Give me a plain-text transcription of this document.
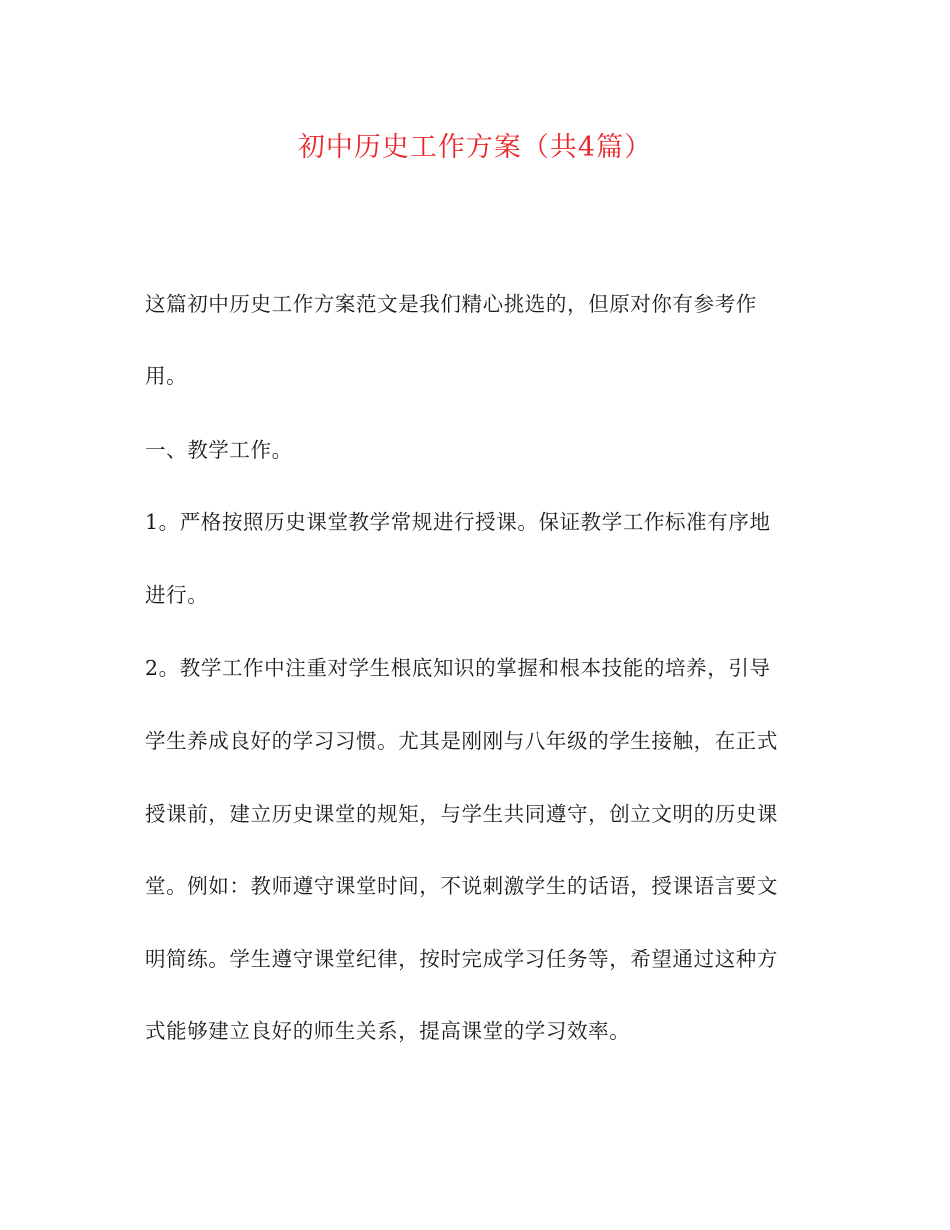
初中历史工作方案（共4篇）
这篇初中历史工作方案范文是我们精心挑选的，但原对你有参考作
用。
一、教学工作。
1。严格按照历史课堂教学常规进行授课。保证教学工作标准有序地
进行。
2。教学工作中注重对学生根底知识的掌握和根本技能的培养，引导
学生养成良好的学习习惯。尤其是刚刚与八年级的学生接触，在正式
授课前，建立历史课堂的规矩，与学生共同遵守，创立文明的历史课
堂。例如：教师遵守课堂时间，不说刺激学生的话语，授课语言要文
明简练。学生遵守课堂纪律，按时完成学习任务等，希望通过这种方
式能够建立良好的师生关系，提高课堂的学习效率。
